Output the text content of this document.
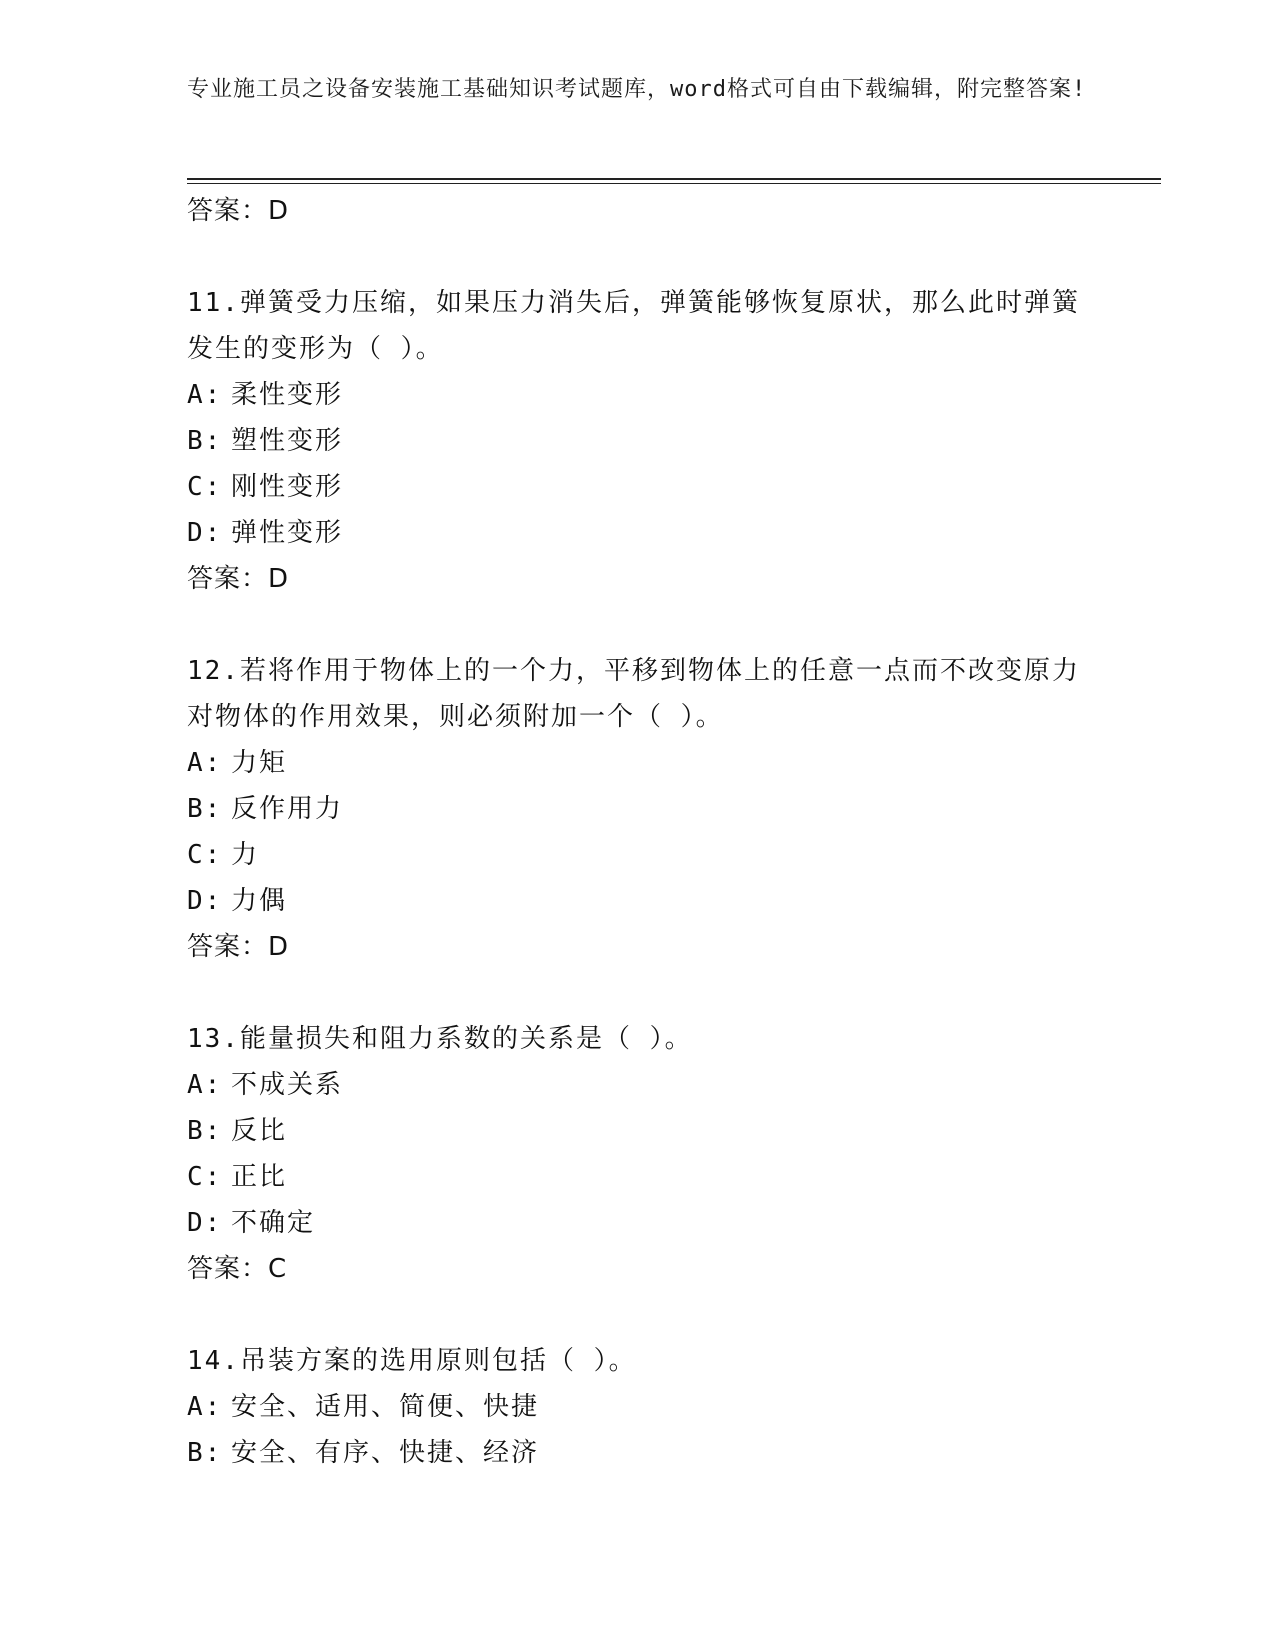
专业施工员之设备安装施工基础知识考试题库，word格式可自由下载编辑，附完整答案!
答案：D
11.弹簧受力压缩，如果压力消失后，弹簧能够恢复原状，那么此时弹簧发生的变形为（ ）。
A: 柔性变形
B: 塑性变形
C: 刚性变形
D: 弹性变形
答案：D
12.若将作用于物体上的一个力，平移到物体上的任意一点而不改变原力对物体的作用效果，则必须附加一个（ ）。
A: 力矩
B: 反作用力
C: 力
D: 力偶
答案：D
13.能量损失和阻力系数的关系是（ ）。
A: 不成关系
B: 反比
C: 正比
D: 不确定
答案：C
14.吊装方案的选用原则包括（ ）。
A: 安全、适用、简便、快捷
B: 安全、有序、快捷、经济
